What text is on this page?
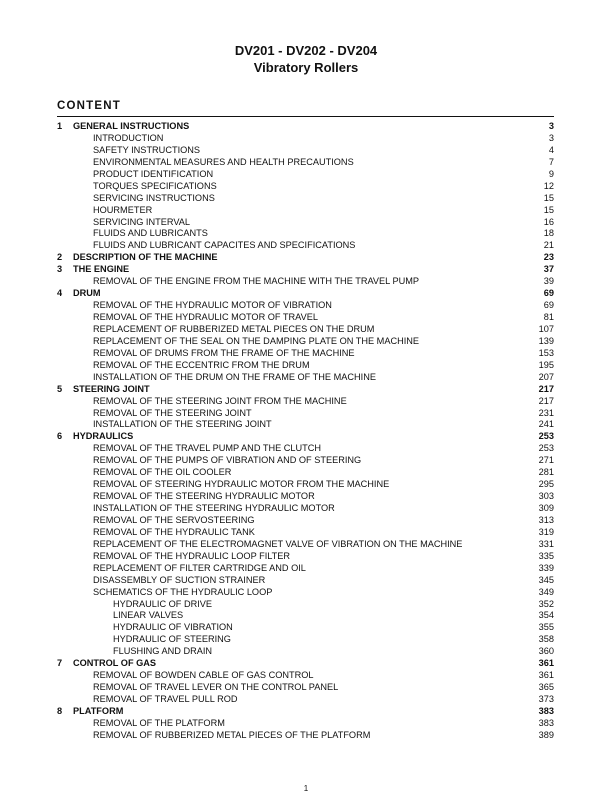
DV201 - DV202 - DV204
Vibratory Rollers
CONTENT
1 GENERAL INSTRUCTIONS	3
INTRODUCTION	3
SAFETY INSTRUCTIONS	4
ENVIRONMENTAL MEASURES AND HEALTH PRECAUTIONS	7
PRODUCT IDENTIFICATION	9
TORQUES SPECIFICATIONS	12
SERVICING INSTRUCTIONS	15
HOURMETER	15
SERVICING INTERVAL	16
FLUIDS AND LUBRICANTS	18
FLUIDS AND LUBRICANT CAPACITES AND SPECIFICATIONS	21
2 DESCRIPTION OF THE MACHINE	23
3 THE ENGINE	37
REMOVAL OF THE ENGINE FROM THE MACHINE WITH THE TRAVEL PUMP	39
4 DRUM	69
REMOVAL OF THE HYDRAULIC MOTOR OF VIBRATION	69
REMOVAL OF THE HYDRAULIC MOTOR OF TRAVEL	81
REPLACEMENT OF RUBBERIZED METAL PIECES ON THE DRUM	107
REPLACEMENT OF THE SEAL ON THE DAMPING PLATE ON THE MACHINE	139
REMOVAL OF DRUMS FROM THE FRAME OF THE MACHINE	153
REMOVAL OF THE ECCENTRIC FROM THE DRUM	195
INSTALLATION OF THE DRUM ON THE FRAME OF THE MACHINE	207
5 STEERING JOINT	217
REMOVAL OF THE STEERING JOINT FROM THE MACHINE	217
REMOVAL OF THE STEERING JOINT	231
INSTALLATION OF THE STEERING JOINT	241
6 HYDRAULICS	253
REMOVAL OF THE TRAVEL PUMP AND THE CLUTCH	253
REMOVAL OF THE PUMPS OF VIBRATION AND OF STEERING	271
REMOVAL OF THE OIL COOLER	281
REMOVAL OF STEERING HYDRAULIC MOTOR FROM THE MACHINE	295
REMOVAL OF THE STEERING HYDRAULIC MOTOR	303
INSTALLATION OF THE STEERING HYDRAULIC MOTOR	309
REMOVAL OF THE SERVOSTEERING	313
REMOVAL OF THE HYDRAULIC TANK	319
REPLACEMENT OF THE ELECTROMAGNET VALVE OF VIBRATION ON THE MACHINE	331
REMOVAL OF THE HYDRAULIC LOOP FILTER	335
REPLACEMENT OF FILTER CARTRIDGE AND OIL	339
DISASSEMBLY OF SUCTION STRAINER	345
SCHEMATICS OF THE HYDRAULIC LOOP	349
HYDRAULIC OF DRIVE	352
LINEAR VALVES	354
HYDRAULIC OF VIBRATION	355
HYDRAULIC OF STEERING	358
FLUSHING AND DRAIN	360
7 CONTROL OF GAS	361
REMOVAL OF BOWDEN CABLE OF GAS CONTROL	361
REMOVAL OF TRAVEL LEVER ON THE CONTROL PANEL	365
REMOVAL OF TRAVEL PULL ROD	373
8 PLATFORM	383
REMOVAL OF THE PLATFORM	383
REMOVAL OF RUBBERIZED METAL PIECES OF THE PLATFORM	389
1
